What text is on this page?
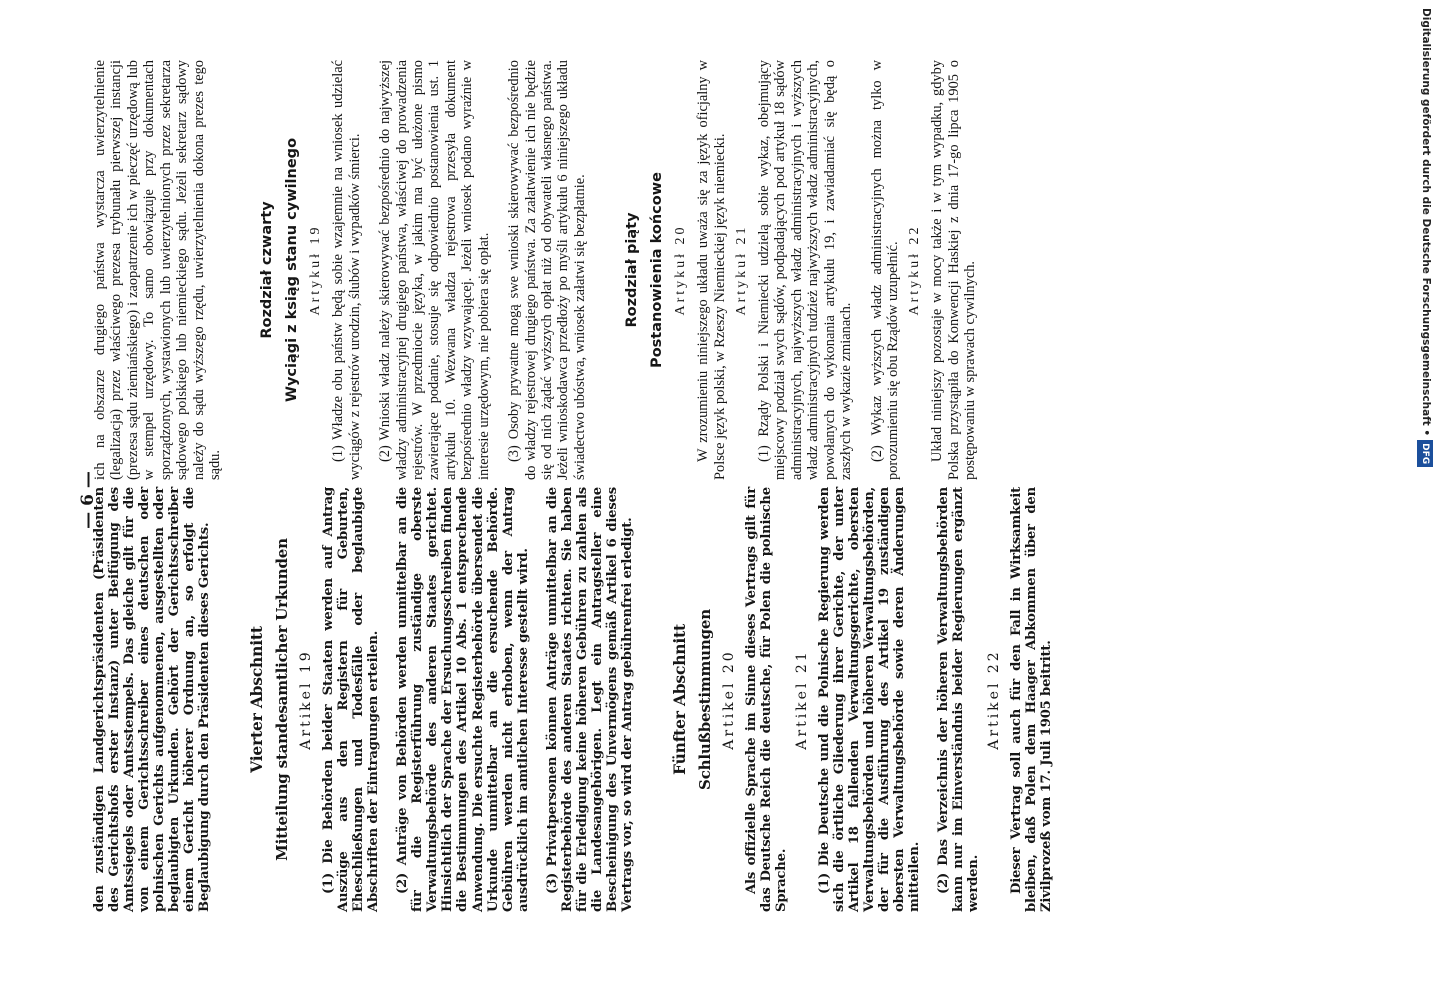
— 6 —

den zuständigen Landgerichtspräsidenten (Präsidenten des Gerichtshofs erster Instanz) unter Beifügung des Amtssiegels oder Amtsstempels. Das gleiche gilt für die von einem Gerichtsschreiber eines deutschen oder polnischen Gerichts aufgenommenen, ausgestellten oder beglaubigten Urkunden. Gehört der Gerichtsschreiber einem Gericht höherer Ordnung an, so erfolgt die Beglaubigung durch den Präsidenten dieses Gerichts. Vierter Abschnitt Mitteilung standesamtlicher Urkunden Artikel 19 (1) Die Behörden beider Staaten werden auf Antrag Auszüge aus den Registern für Geburten, Eheschließungen und Todesfälle oder beglaubigte Abschriften der Eintragungen erteilen. (2) Anträge von Behörden werden unmittelbar an die für die Registerführung zuständige oberste Verwaltungsbehörde des anderen Staates gerichtet. Hinsichtlich der Sprache der Ersuchungsschreiben finden die Bestimmungen des Artikel 10 Abs. 1 entsprechende Anwendung. Die ersuchte Registerbehörde übersendet die Urkunde unmittelbar an die ersuchende Behörde. Gebühren werden nicht erhoben, wenn der Antrag ausdrücklich im amtlichen Interesse gestellt wird. (3) Privatpersonen können Anträge unmittelbar an die Registerbehörde des anderen Staates richten. Sie haben für die Erledigung keine höheren Gebühren zu zahlen als die Landesangehörigen. Legt ein Antragsteller eine Bescheinigung des Unvermögens gemäß Artikel 6 dieses Vertrags vor, so wird der Antrag gebührenfrei erledigt. Fünfter Abschnitt Schlußbestimmungen Artikel 20 Als offizielle Sprache im Sinne dieses Vertrags gilt für das Deutsche Reich die deutsche, für Polen die polnische Sprache.

Artikel 21 (1) Die Deutsche und die Polnische Regierung werden sich die örtliche Gliederung ihrer Gerichte, der unter Artikel 18 fallenden Verwaltungsgerichte, obersten Verwaltungsbehörden und höheren Verwaltungsbehörden, der für die Ausführung des Artikel 19 zuständigen obersten Verwaltungsbehörde sowie deren Änderungen mitteilen. (2) Das Verzeichnis der höheren Verwaltungsbehörden kann nur im Einverständnis beider Regierungen ergänzt werden.

Artikel 22 Dieser Vertrag soll auch für den Fall in Wirksamkeit bleiben, daß Polen dem Haager Abkommen über den Zivilprozeß vom 17. Juli 1905 beitritt.

ich na obszarze drugiego państwa wystarcza uwierzytelnienie (legalizacja) przez właściwego prezesa trybunału pierwszej instancji (prezesa sądu ziemiańskiego) i zaopatrzenie ich w pieczęć urzędową lub w stempel urzędowy. To samo obowiązuje przy dokumentach sporządzonych, wystawionych lub uwierzytelnionych przez sekretarza sądowego polskiego lub niemieckiego sądu. Jeżeli sekretarz sądowy należy do sądu wyższego rzędu, uwierzytelnienia dokona prezes tego sądu.

Rozdział czwarty Wyciągi z ksiąg stanu cywilnego Artykuł 19 (1) Władze obu państw będą sobie wzajemnie na wniosek udzielać wyciągów z rejestrów urodzin, ślubów i wypadków śmierci. (2) Wnioski władz należy skierowywać bezpośrednio do najwyższej władzy administracyjnej drugiego państwa, właściwej do prowadzenia rejestrów. W przedmiocie języka, w jakim ma być ułożone pismo zawierające podanie, stosuje się odpowiednio postanowienia ust. 1 artykułu 10. Wezwana władza rejestrowa przesyła dokument bezpośrednio władzy wzywającej. Jeżeli wniosek podano wyraźnie w interesie urzędowym, nie pobiera się opłat. (3) Osoby prywatne mogą swe wnioski skierowywać bezpośrednio do władzy rejestrowej drugiego państwa. Za załatwienie ich nie będzie się od nich żądać wyższych opłat niż od obywateli własnego państwa. Jeżeli wnioskodawca przedłoży po myśli artykułu 6 niniejszego układu świadectwo ubóstwa, wniosek załatwi się bezpłatnie.	Rozdział piąty Postanowienia końcowe Artykuł 20 W zrozumieniu niniejszego układu uważa się za język oficjalny w Polsce język polski, w Rzeszy Niemieckiej język niemiecki. Artykuł 21 (1) Rządy Polski i Niemiecki udzielą sobie wykaz, obejmujący miejscowy podział swych sądów, podpadających pod artykuł 18 sądów administracyjnych, najwyższych władz administracyjnych i wyższych władz administracyjnych tudzież najwyższych władz administracyjnych, powołanych do wykonania artykułu 19, i zawiadamiać się będą o zaszłych w wykazie zmianach. (2) Wykaz wyższych władz administracyjnych można tylko w porozumieniu się obu Rządów uzupełnić. Artykuł 22 Układ niniejszy pozostaje w mocy także i w tym wypadku, gdyby Polska przystąpiła do Konwencji Haskiej z dnia 17-go lipca 1905 o postępowaniu w sprawach cywilnych.	Digitalisierung gefördert durch die Deutsche Forschungsgemeinschaft •DFG
